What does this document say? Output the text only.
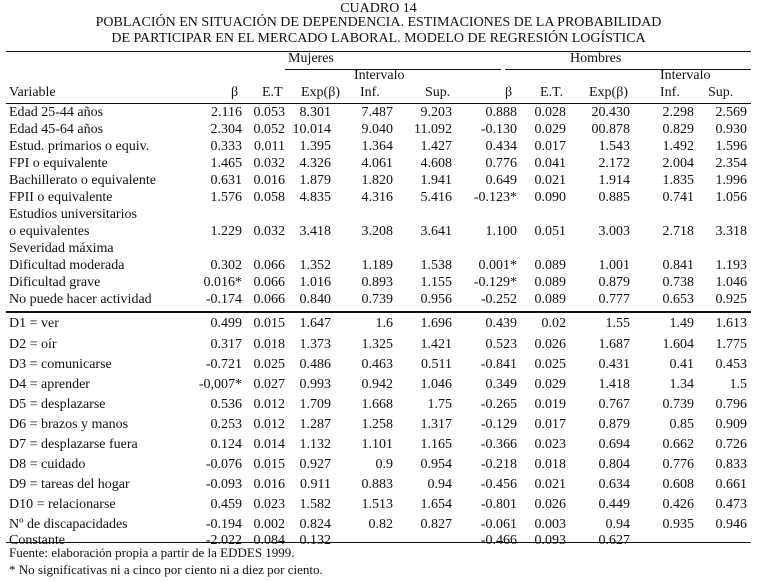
CUADRO 14
POBLACIÓN EN SITUACIÓN DE DEPENDENCIA. ESTIMACIONES DE LA PROBABILIDAD
DE PARTICIPAR EN EL MERCADO LABORAL. MODELO DE REGRESIÓN LOGÍSTICA
Mujeres	Hombres
Intervalo	Intervalo
Variable	β E.T Exp(β) Inf.	Sup.	β E.T. Exp(β) Inf. Sup.
Edad 25-44 años	2.116 0.053 8.301 7.487 9.203 0.888 0.028 20.430 2.298 2.569
Edad 45-64 años	2.304 0.052 10.014 9.040 11.092 -0.130 0.029 00.878 0.829 0.930
Estud. primarios o equiv.	0.333 0.011 1.395 1.364 1.427 0.434 0.017 1.543 1.492 1.596
FPI o equivalente	1.465 0.032 4.326 4.061 4.608 0.776 0.041 2.172 2.004 2.354
Bachillerato o equivalente	0.631 0.016 1.879 1.820 1.941 0.649 0.021 1.914 1.835 1.996
FPII o equivalente	1.576 0.058 4.835 4.316 5.416 -0.123* 0.090 0.885 0.741 1.056
Estudios universitarios
o equivalentes	1.229 0.032 3.418 3.208 3.641 1.100 0.051 3.003 2.718 3.318
Severidad máxima
Dificultad moderada	0.302 0.066 1.352 1.189 1.538 0.001* 0.089 1.001 0.841 1.193
Dificultad grave	0.016* 0.066 1.016 0.893 1.155 -0.129* 0.089 0.879 0.738 1.046
No puede hacer actividad	-0.174 0.066 0.840 0.739 0.956 -0.252 0.089 0.777 0.653 0.925
D1 = ver	0.499 0.015 1.647	1.6 1.696 0.439 0.02	1.55	1.49 1.613
D2 = oír	0.317 0.018 1.373 1.325 1.421 0.523 0.026 1.687 1.604 1.775
D3 = comunicarse	-0.721 0.025 0.486 0.463 0.511 -0.841 0.025 0.431	0.41 0.453
D4 = aprender	-0,007* 0.027 0.993 0.942 1.046 0.349 0.029 1.418	1.34	1.5
D5 = desplazarse	0.536 0.012 1.709 1.668 1.75 -0.265 0.019 0.767 0.739 0.796
D6 = brazos y manos	0.253 0.012 1.287 1.258 1.317 -0.129 0.017 0.879	0.85 0.909
D7 = desplazarse fuera	0.124 0.014 1.132 1.101 1.165 -0.366 0.023 0.694 0.662 0.726
D8 = cuidado	-0.076 0.015 0.927	0.9 0.954 -0.218 0.018 0.804 0.776 0.833
D9 = tareas del hogar	-0.093 0.016 0.911 0.883 0.94 -0.456 0.021 0.634 0.608 0.661
D10 = relacionarse	0.459 0.023 1.582 1.513 1.654 -0.801 0.026 0.449 0.426 0.473
Nº de discapacidades	-0.194 0.002 0.824	0.82 0.827 -0.061 0.003	0.94 0.935 0.946
Constante	-2.022 0.084 0.132	-0.466 0.093 0.627
Fuente: elaboración propia a partir de la EDDES 1999.
* No significativas ni a cinco por ciento ni a diez por ciento.
